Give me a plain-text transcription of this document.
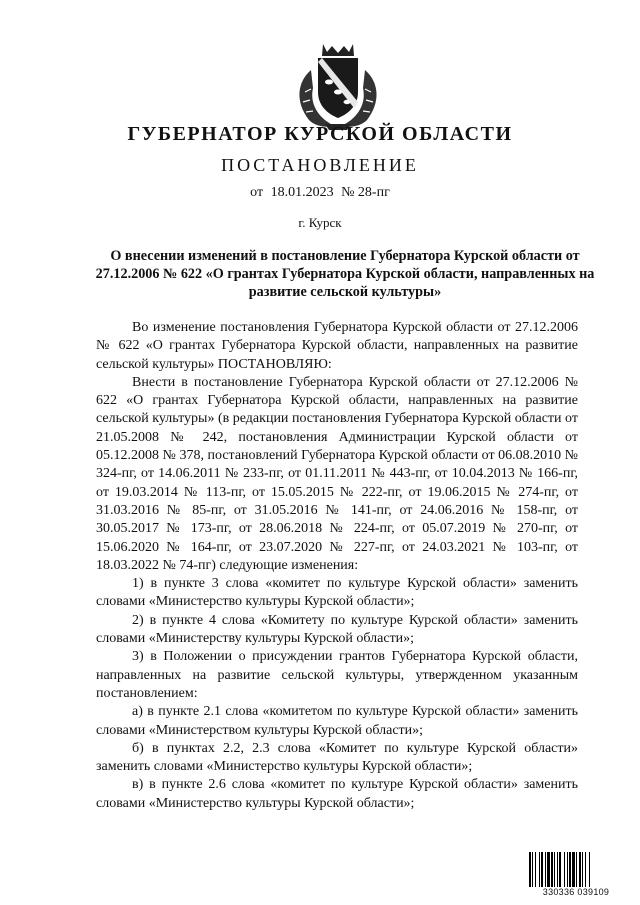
ГУБЕРНАТОР КУРСКОЙ ОБЛАСТИ
ПОСТАНОВЛЕНИЕ
от 18.01.2023 № 28-пг
г. Курск
О внесении изменений в постановление Губернатора Курской области от 27.12.2006 № 622 «О грантах Губернатора Курской области, направленных на развитие сельской культуры»

Во изменение постановления Губернатора Курской области от 27.12.2006 № 622 «О грантах Губернатора Курской области, направленных на развитие сельской культуры» ПОСТАНОВЛЯЮ:

Внести в постановление Губернатора Курской области от 27.12.2006 № 622 «О грантах Губернатора Курской области, направленных на развитие сельской культуры» (в редакции постановления Губернатора Курской области от 21.05.2008 № 242, постановления Администрации Курской области от 05.12.2008 № 378, постановлений Губернатора Курской области от 06.08.2010 № 324-пг, от 14.06.2011 № 233-пг, от 01.11.2011 № 443-пг, от 10.04.2013 № 166-пг, от 19.03.2014 № 113-пг, от 15.05.2015 № 222-пг, от 19.06.2015 № 274-пг, от 31.03.2016 № 85-пг, от 31.05.2016 № 141-пг, от 24.06.2016 № 158-пг, от 30.05.2017 № 173-пг, от 28.06.2018 № 224-пг, от 05.07.2019 № 270-пг, от 15.06.2020 № 164-пг, от 23.07.2020 № 227-пг, от 24.03.2021 № 103-пг, от 18.03.2022 № 74-пг) следующие изменения:

1) в пункте 3 слова «комитет по культуре Курской области» заменить словами «Министерство культуры Курской области»;

2) в пункте 4 слова «Комитету по культуре Курской области» заменить словами «Министерству культуры Курской области»;

3) в Положении о присуждении грантов Губернатора Курской области, направленных на развитие сельской культуры, утвержденном указанным постановлением:

а) в пункте 2.1 слова «комитетом по культуре Курской области» заменить словами «Министерством культуры Курской области»;

б) в пунктах 2.2, 2.3 слова «Комитет по культуре Курской области» заменить словами «Министерство культуры Курской области»;

в) в пункте 2.6 слова «комитет по культуре Курской области» заменить словами «Министерство культуры Курской области»;

330336 039109
